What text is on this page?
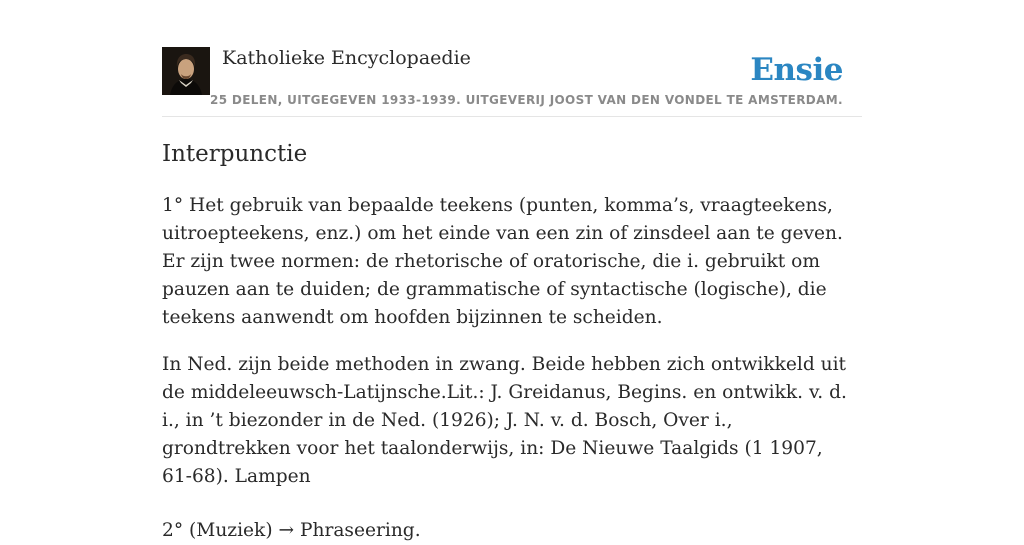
Katholieke Encyclopaedie
25 DELEN, UITGEGEVEN 1933-1939. UITGEVERIJ JOOST VAN DEN VONDEL TE AMSTERDAM.
Ensie
Interpunctie

1° Het gebruik van bepaalde teekens (punten, komma’s, vraagteekens, uitroepteekens, enz.) om het einde van een zin of zinsdeel aan te geven. Er zijn twee normen: de rhetorische of oratorische, die i. gebruikt om pauzen aan te duiden; de grammatische of syntactische (logische), die teekens aanwendt om hoofden bijzinnen te scheiden.

In Ned. zijn beide methoden in zwang. Beide hebben zich ontwikkeld uit de middeleeuwsch-Latijnsche.Lit.: J. Greidanus, Begins. en ontwikk. v. d. i., in ’t biezonder in de Ned. (1926); J. N. v. d. Bosch, Over i., grondtrekken voor het taalonderwijs, in: De Nieuwe Taalgids (1 1907, 61-68). Lampen

2° (Muziek) → Phraseering.
